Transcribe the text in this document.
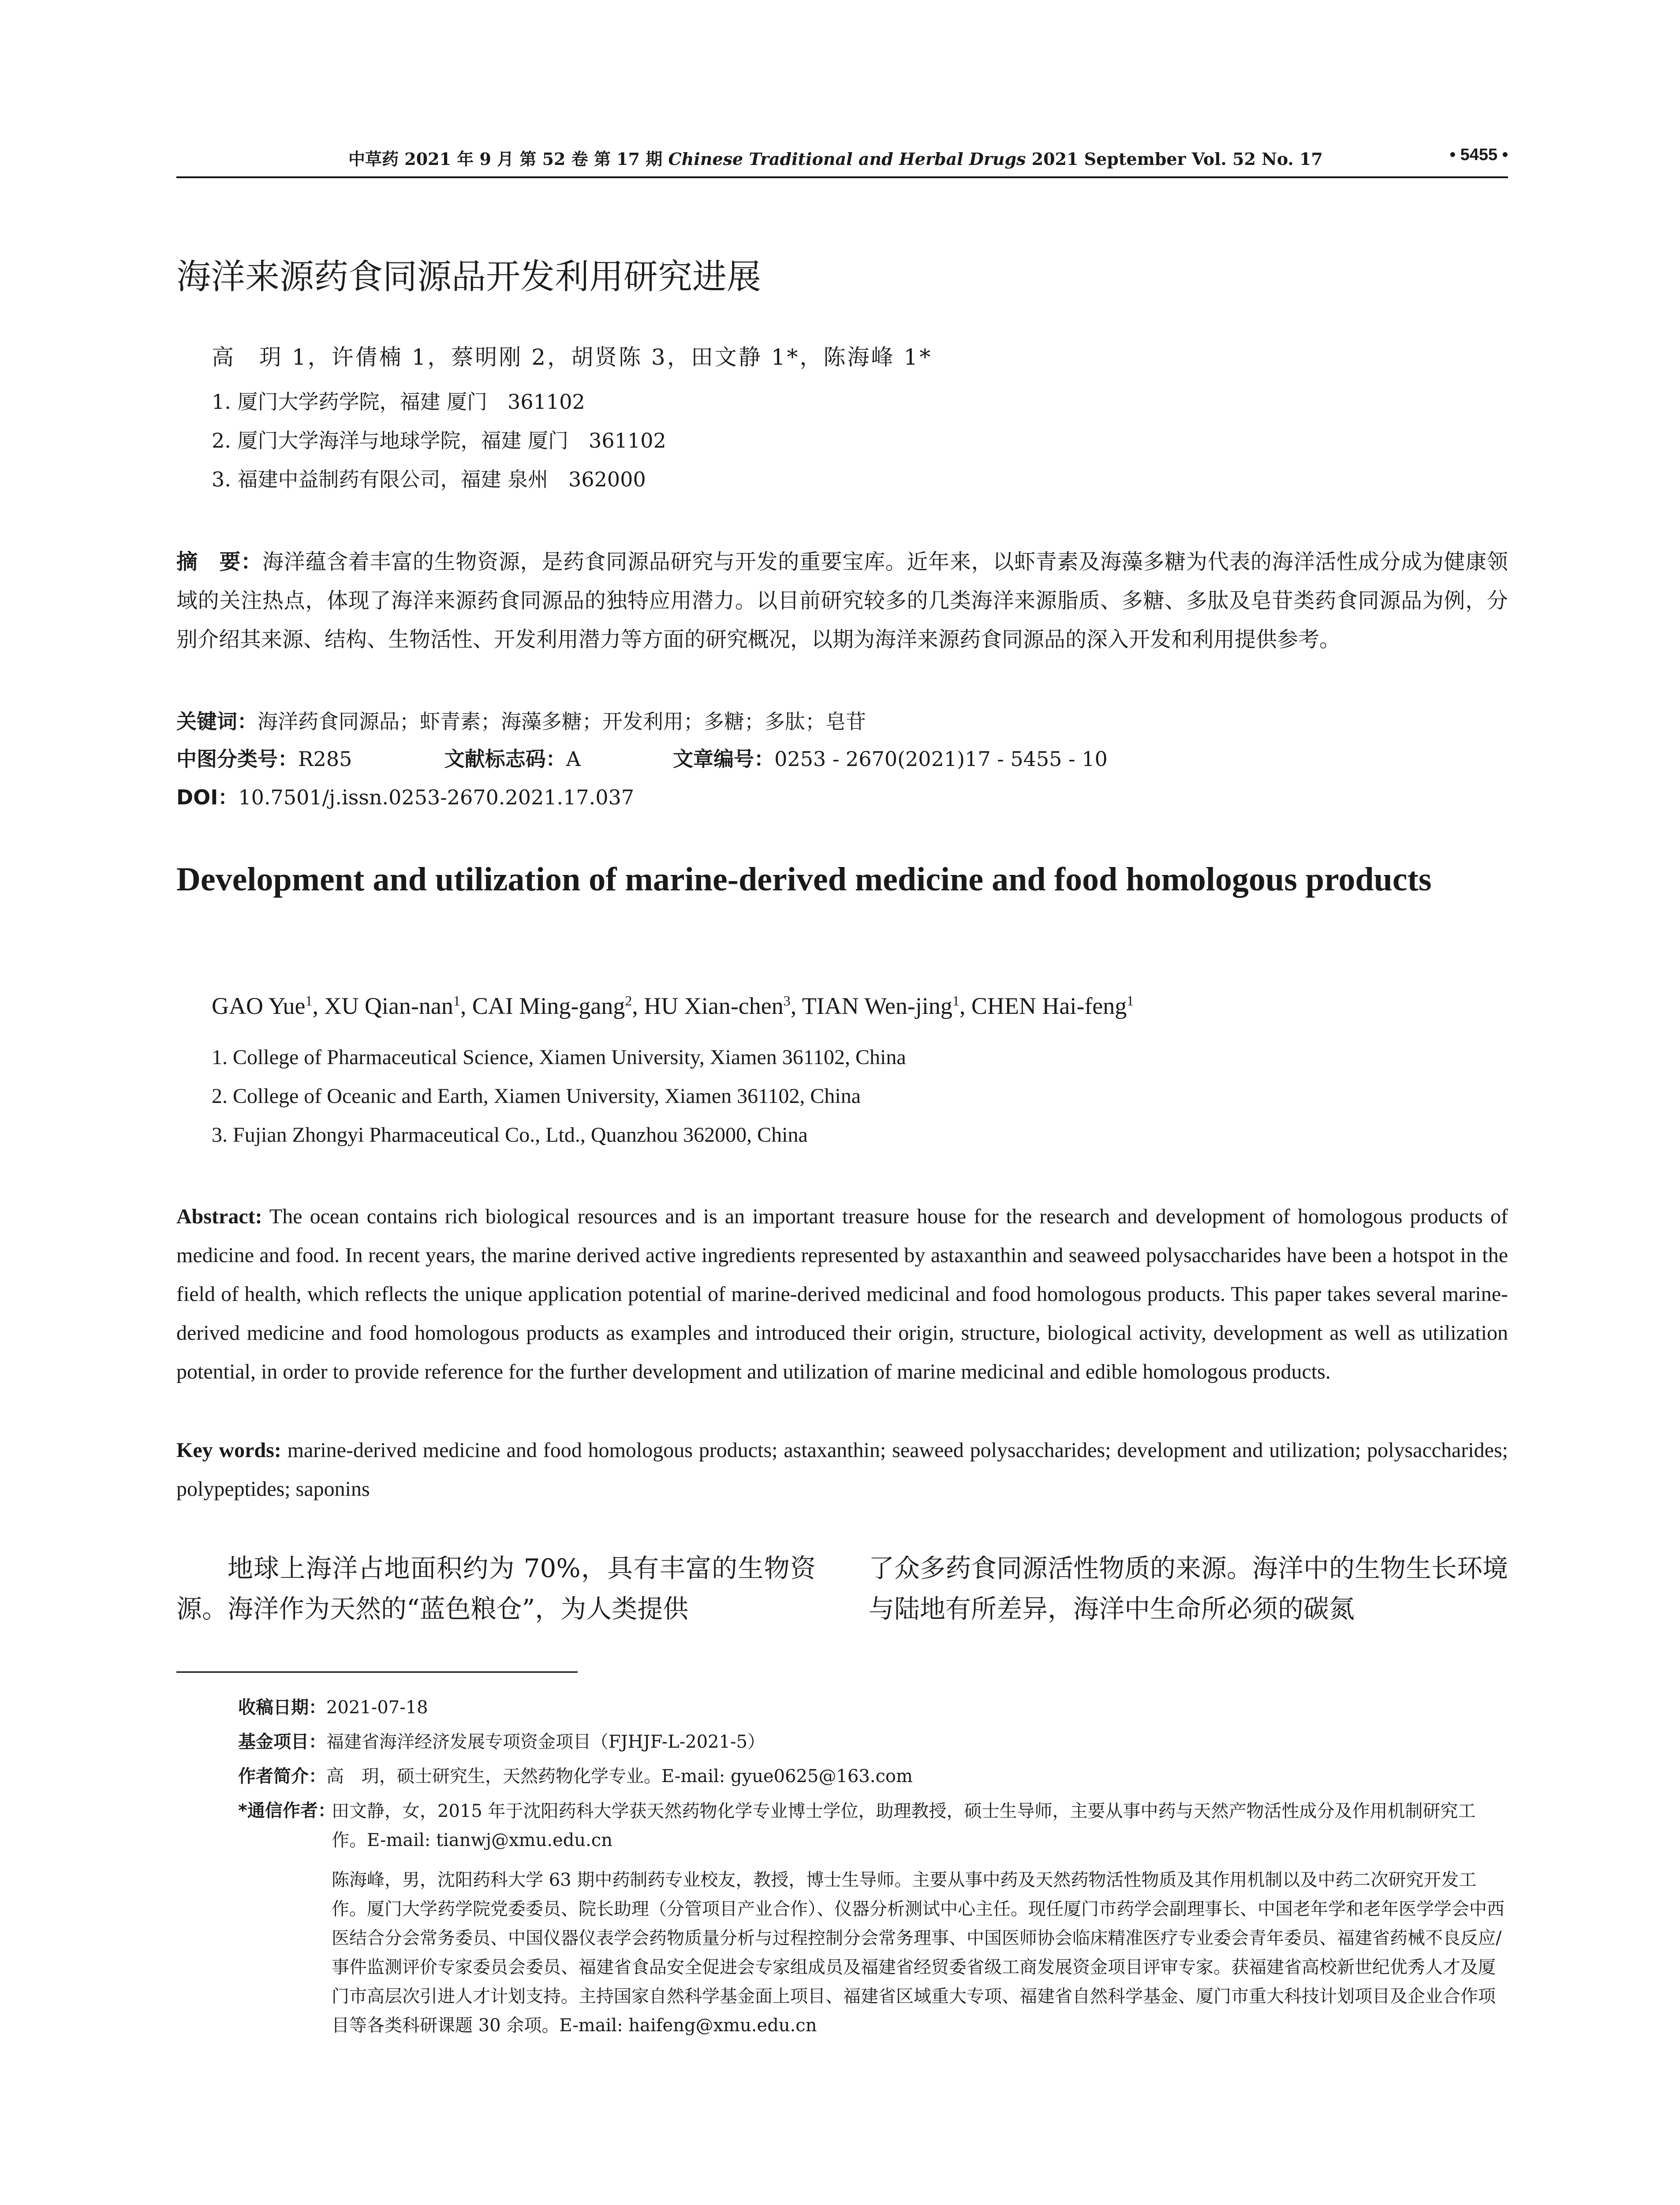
中草药 2021 年 9 月 第 52 卷 第 17 期 Chinese Traditional and Herbal Drugs 2021 September Vol. 52 No. 17	• 5455 •
海洋来源药食同源品开发利用研究进展
高　玥 1，许倩楠 1，蔡明刚 2，胡贤陈 3，田文静 1*，陈海峰 1*
1. 厦门大学药学院，福建 厦门　361102
2. 厦门大学海洋与地球学院，福建 厦门　361102
3. 福建中益制药有限公司，福建 泉州　362000
摘　要：海洋蕴含着丰富的生物资源，是药食同源品研究与开发的重要宝库。近年来，以虾青素及海藻多糖为代表的海洋活性成分成为健康领域的关注热点，体现了海洋来源药食同源品的独特应用潜力。以目前研究较多的几类海洋来源脂质、多糖、多肽及皂苷类药食同源品为例，分别介绍其来源、结构、生物活性、开发利用潜力等方面的研究概况，以期为海洋来源药食同源品的深入开发和利用提供参考。
关键词：海洋药食同源品；虾青素；海藻多糖；开发利用；多糖；多肽；皂苷
中图分类号：R285	文献标志码：A	文章编号：0253 - 2670(2021)17 - 5455 - 10
DOI：10.7501/j.issn.0253-2670.2021.17.037
Development and utilization of marine-derived medicine and food homologous products
GAO Yue$^1$, XU Qian-nan$^1$, CAI Ming-gang$^2$, HU Xian-chen$^3$, TIAN Wen-jing$^1$, CHEN Hai-feng$^1$
1. College of Pharmaceutical Science, Xiamen University, Xiamen 361102, China
2. College of Oceanic and Earth, Xiamen University, Xiamen 361102, China
3. Fujian Zhongyi Pharmaceutical Co., Ltd., Quanzhou 362000, China
Abstract: The ocean contains rich biological resources and is an important treasure house for the research and development of homologous products of medicine and food. In recent years, the marine derived active ingredients represented by astaxanthin and seaweed polysaccharides have been a hotspot in the field of health, which reflects the unique application potential of marine-derived medicinal and food homologous products. This paper takes several marine-derived medicine and food homologous products as examples and introduced their origin, structure, biological activity, development as well as utilization potential, in order to provide reference for the further development and utilization of marine medicinal and edible homologous products.
Key words: marine-derived medicine and food homologous products; astaxanthin; seaweed polysaccharides; development and utilization; polysaccharides; polypeptides; saponins
地球上海洋占地面积约为 70%，具有丰富的生物资源。海洋作为天然的“蓝色粮仓”，为人类提供
了众多药食同源活性物质的来源。海洋中的生物生长环境与陆地有所差异，海洋中生命所必须的碳氮
收稿日期：2021-07-18
基金项目：福建省海洋经济发展专项资金项目（FJHJF-L-2021-5）
作者简介：高　玥，硕士研究生，天然药物化学专业。E-mail: gyue0625@163.com
*通信作者：
田文静，女，2015 年于沈阳药科大学获天然药物化学专业博士学位，助理教授，硕士生导师，主要从事中药与天然产物活性成分及作用机制研究工作。E-mail: tianwj@xmu.edu.cn
陈海峰，男，沈阳药科大学 63 期中药制药专业校友，教授，博士生导师。主要从事中药及天然药物活性物质及其作用机制以及中药二次研究开发工作。厦门大学药学院党委委员、院长助理（分管项目产业合作）、仪器分析测试中心主任。现任厦门市药学会副理事长、中国老年学和老年医学学会中西医结合分会常务委员、中国仪器仪表学会药物质量分析与过程控制分会常务理事、中国医师协会临床精准医疗专业委会青年委员、福建省药械不良反应/事件监测评价专家委员会委员、福建省食品安全促进会专家组成员及福建省经贸委省级工商发展资金项目评审专家。获福建省高校新世纪优秀人才及厦门市高层次引进人才计划支持。主持国家自然科学基金面上项目、福建省区域重大专项、福建省自然科学基金、厦门市重大科技计划项目及企业合作项目等各类科研课题 30 余项。E-mail: haifeng@xmu.edu.cn
